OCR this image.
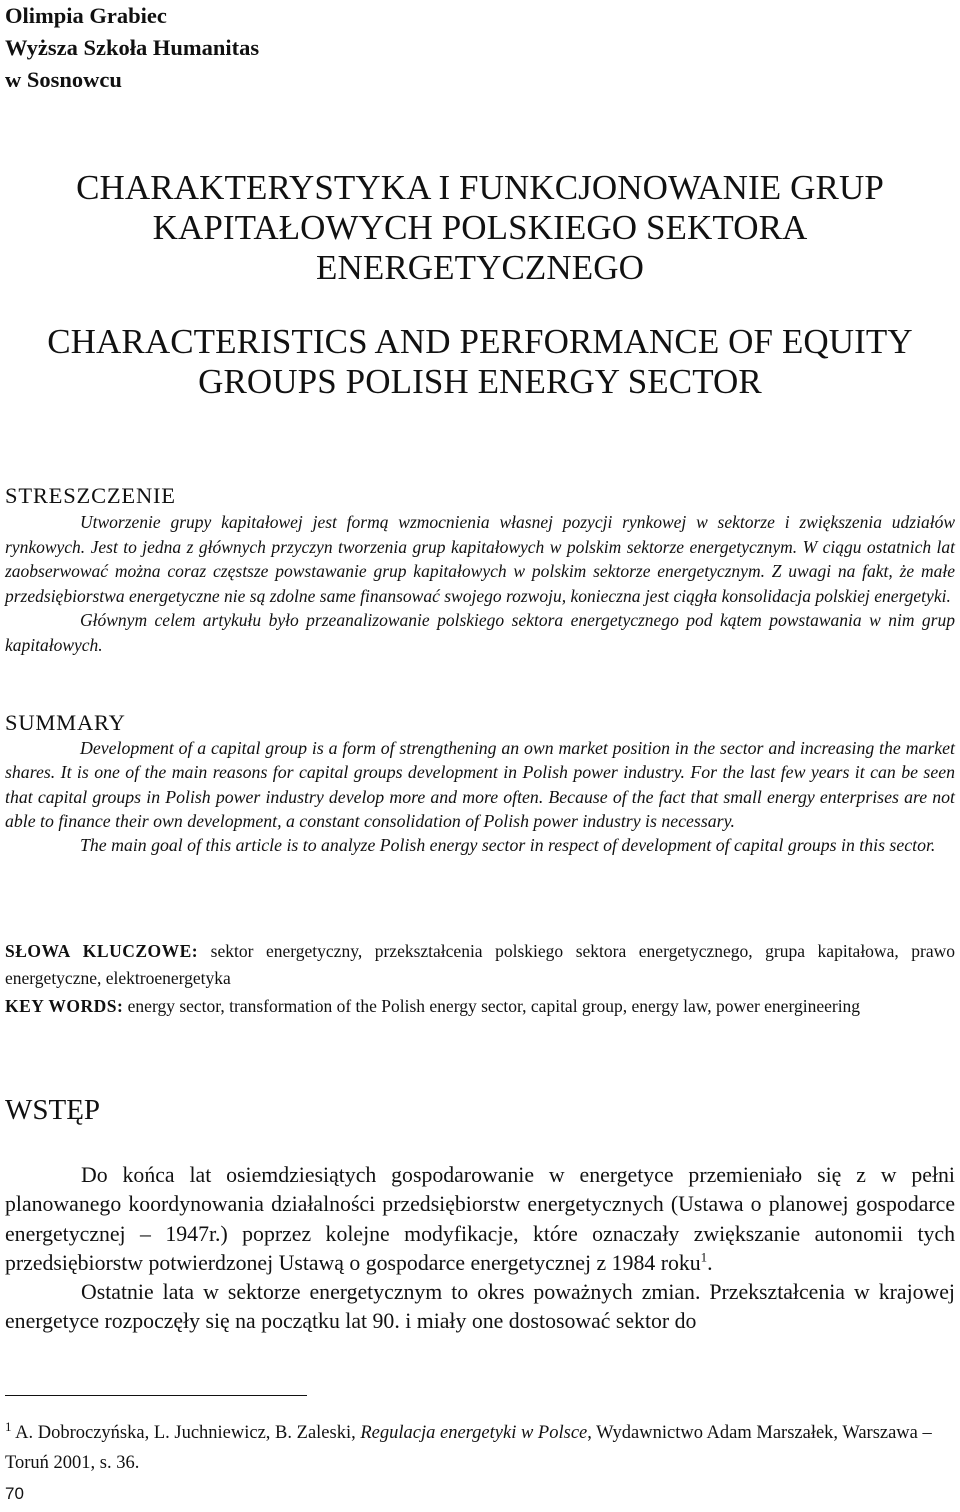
Olimpia Grabiec
Wyższa Szkoła Humanitas
w Sosnowcu
CHARAKTERYSTYKA I FUNKCJONOWANIE GRUP
KAPITAŁOWYCH POLSKIEGO SEKTORA
ENERGETYCZNEGO
CHARACTERISTICS AND PERFORMANCE OF EQUITY
GROUPS POLISH ENERGY SECTOR
STRESZCZENIE

Utworzenie grupy kapitałowej jest formą wzmocnienia własnej pozycji rynkowej w sektorze i zwiększenia udziałów rynkowych. Jest to jedna z głównych przyczyn tworzenia grup kapitałowych w polskim sektorze energetycznym. W ciągu ostatnich lat zaobserwować można coraz częstsze powstawanie grup kapitałowych w polskim sektorze energetycznym. Z uwagi na fakt, że małe przedsiębiorstwa energetyczne nie są zdolne same finansować swojego rozwoju, konieczna jest ciągła konsolidacja polskiej energetyki.

Głównym celem artykułu było przeanalizowanie polskiego sektora energetycznego pod kątem powstawania w nim grup kapitałowych.

SUMMARY

Development of a capital group is a form of strengthening an own market position in the sector and increasing the market shares. It is one of the main reasons for capital groups development in Polish power industry. For the last few years it can be seen that capital groups in Polish power industry develop more and more often. Because of the fact that small energy enterprises are not able to finance their own development, a constant consolidation of Polish power industry is necessary.

The main goal of this article is to analyze Polish energy sector in respect of development of capital groups in this sector.

SŁOWA KLUCZOWE: sektor energetyczny, przekształcenia polskiego sektora energetycznego, grupa kapitałowa, prawo energetyczne, elektroenergetyka
KEY WORDS: energy sector, transformation of the Polish energy sector, capital group, energy law, power energineering
WSTĘP

Do końca lat osiemdziesiątych gospodarowanie w energetyce przemieniało się z w pełni planowanego koordynowania działalności przedsiębiorstw energetycznych (Ustawa o planowej gospodarce energetycznej – 1947r.) poprzez kolejne modyfikacje, które oznaczały zwiększanie autonomii tych przedsiębiorstw potwierdzonej Ustawą o gospodarce energetycznej z 1984 roku$^1$.

Ostatnie lata w sektorze energetycznym to okres poważnych zmian. Przekształcenia w krajowej energetyce rozpoczęły się na początku lat 90. i miały one dostosować sektor do

$^1$ A. Dobroczyńska, L. Juchniewicz, B. Zaleski, Regulacja energetyki w Polsce, Wydawnictwo Adam Marszałek, Warszawa – Toruń 2001, s. 36.
70
